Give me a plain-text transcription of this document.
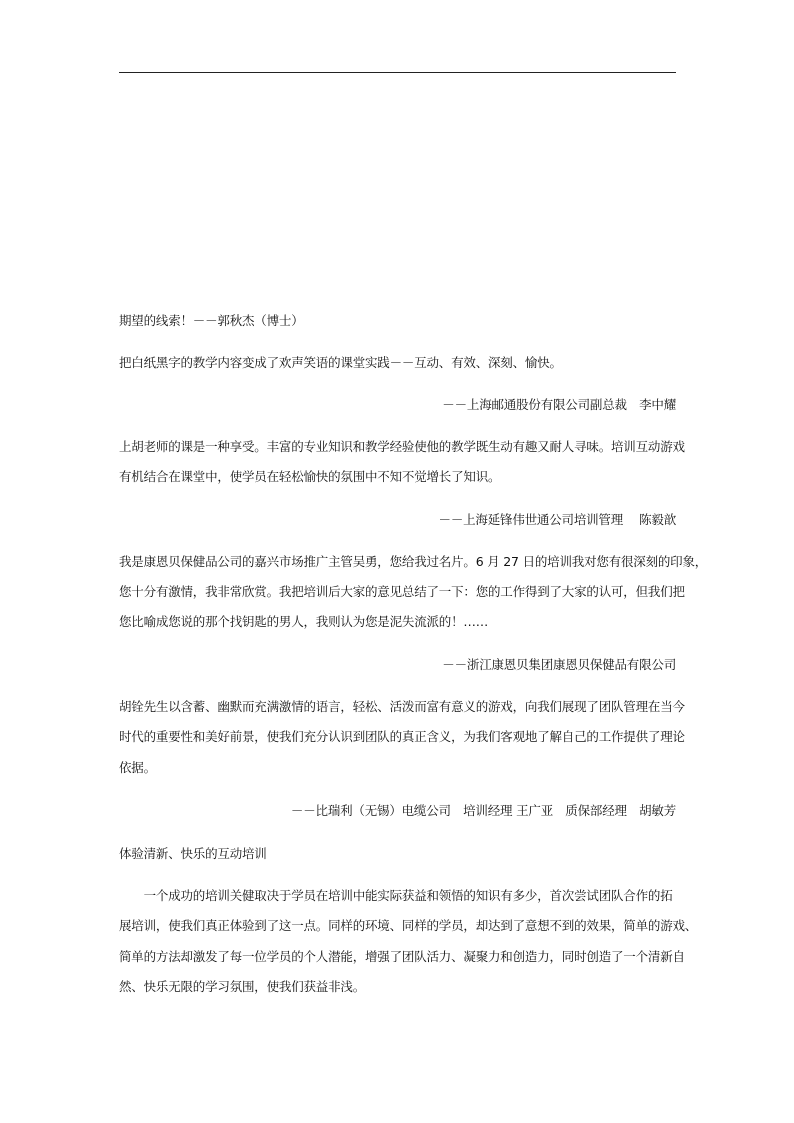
期望的线索！－－郭秋杰（博士）
把白纸黑字的教学内容变成了欢声笑语的课堂实践－－互动、有效、深刻、愉快。
－－上海邮通股份有限公司副总裁　李中耀
上胡老师的课是一种享受。丰富的专业知识和教学经验使他的教学既生动有趣又耐人寻味。培训互动游戏
有机结合在课堂中，使学员在轻松愉快的氛围中不知不觉增长了知识。
－－上海延锋伟世通公司培训管理　 陈毅歆
我是康恩贝保健品公司的嘉兴市场推广主管吴勇，您给我过名片。6 月 27 日的培训我对您有很深刻的印象，
您十分有激情，我非常欣赏。我把培训后大家的意见总结了一下：您的工作得到了大家的认可，但我们把
您比喻成您说的那个找钥匙的男人，我则认为您是泥失流派的！……
－－浙江康恩贝集团康恩贝保健品有限公司
胡铨先生以含蓄、幽默而充满激情的语言，轻松、活泼而富有意义的游戏，向我们展现了团队管理在当今
时代的重要性和美好前景，使我们充分认识到团队的真正含义，为我们客观地了解自己的工作提供了理论
依据。
－－比瑞利（无锡）电缆公司　培训经理 王广亚　质保部经理　胡敏芳
体验清新、快乐的互动培训
　　一个成功的培训关健取决于学员在培训中能实际获益和领悟的知识有多少，首次尝试团队合作的拓
展培训，使我们真正体验到了这一点。同样的环境、同样的学员，却达到了意想不到的效果，简单的游戏、
简单的方法却激发了每一位学员的个人潜能，增强了团队活力、凝聚力和创造力，同时创造了一个清新自
然、快乐无限的学习氛围，使我们获益非浅。
